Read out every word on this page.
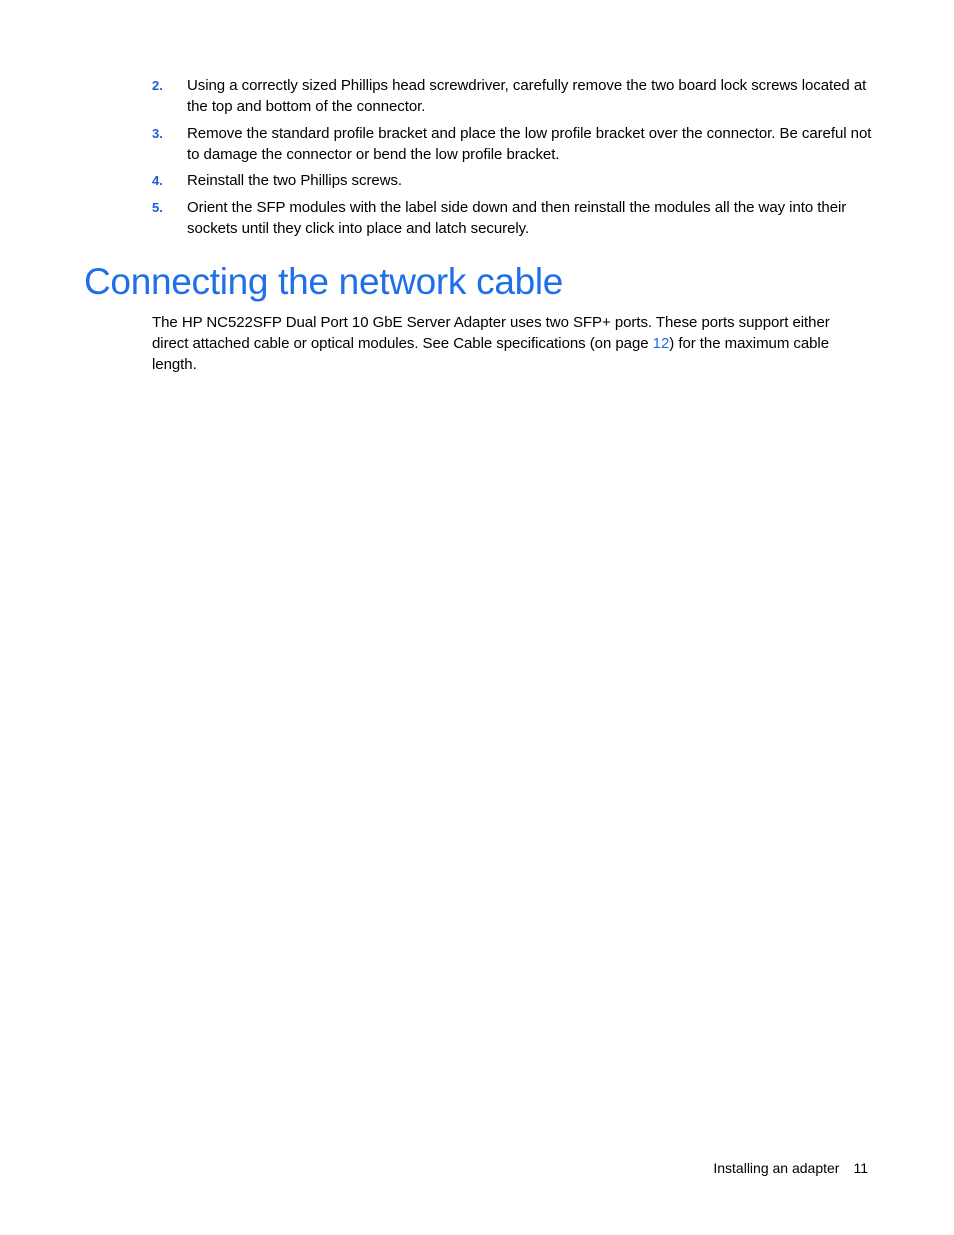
2. Using a correctly sized Phillips head screwdriver, carefully remove the two board lock screws located at the top and bottom of the connector.
3. Remove the standard profile bracket and place the low profile bracket over the connector. Be careful not to damage the connector or bend the low profile bracket.
4. Reinstall the two Phillips screws.
5. Orient the SFP modules with the label side down and then reinstall the modules all the way into their sockets until they click into place and latch securely.
Connecting the network cable

The HP NC522SFP Dual Port 10 GbE Server Adapter uses two SFP+ ports. These ports support either direct attached cable or optical modules. See Cable specifications (on page 12) for the maximum cable length.

Installing an adapter 11
